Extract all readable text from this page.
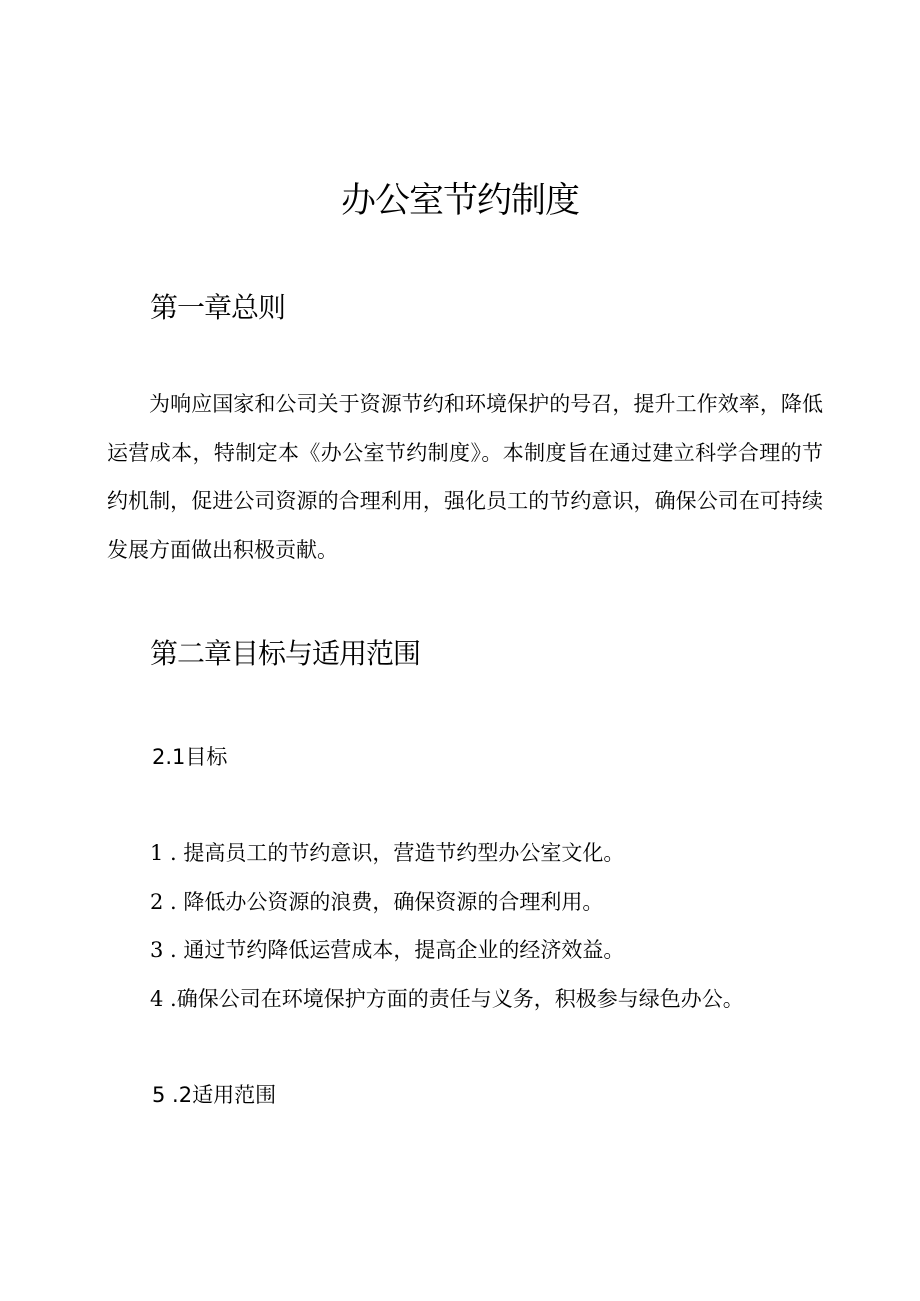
办公室节约制度
第一章总则

为响应国家和公司关于资源节约和环境保护的号召，提升工作效率，降低运营成本，特制定本《办公室节约制度》。本制度旨在通过建立科学合理的节约机制，促进公司资源的合理利用，强化员工的节约意识，确保公司在可持续发展方面做出积极贡献。

第二章目标与适用范围
2.1目标
1 . 提高员工的节约意识，营造节约型办公室文化。
2 . 降低办公资源的浪费，确保资源的合理利用。
3 . 通过节约降低运营成本，提高企业的经济效益。
4 .确保公司在环境保护方面的责任与义务，积极参与绿色办公。
5 .2适用范围
